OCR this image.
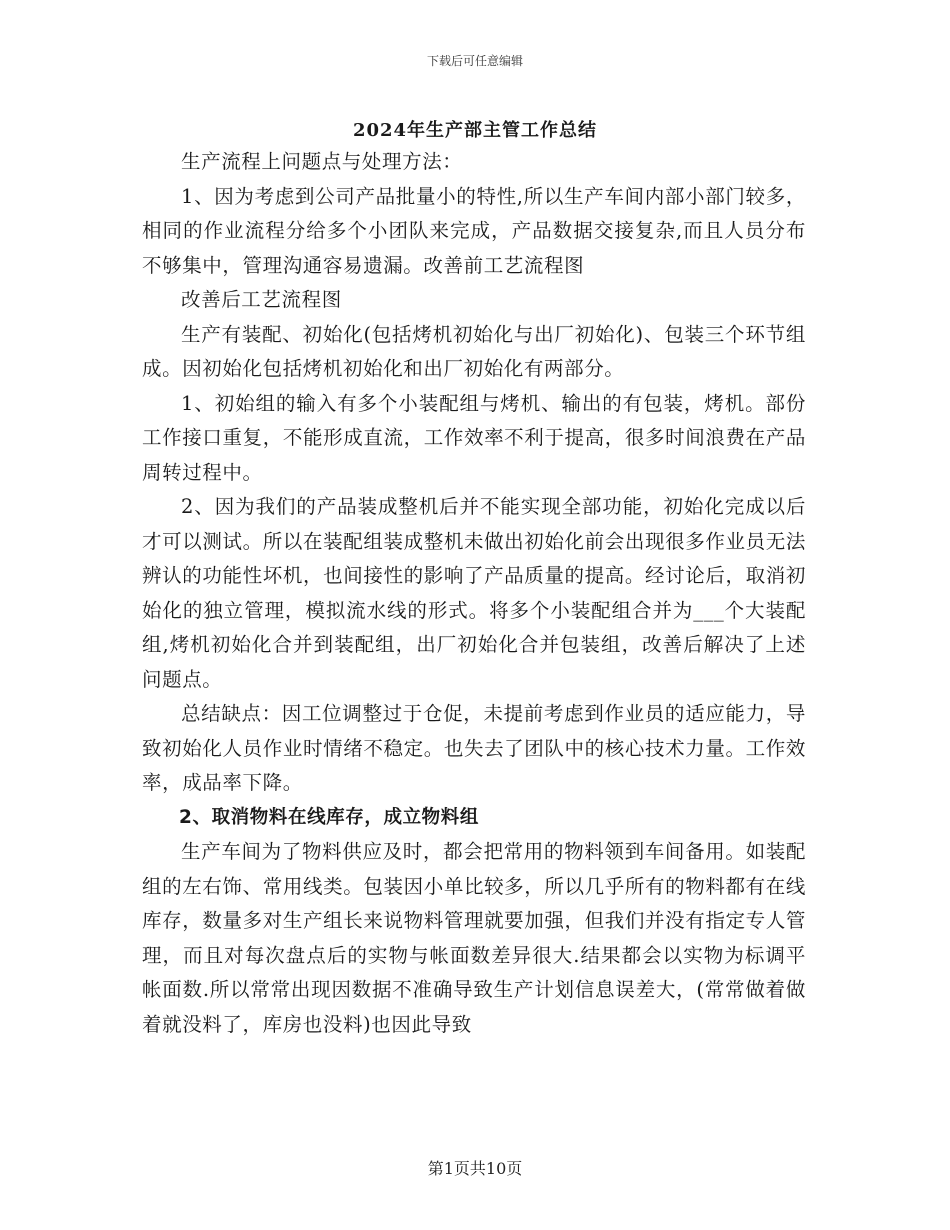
下载后可任意编辑
2024年生产部主管工作总结

生产流程上问题点与处理方法：

1、因为考虑到公司产品批量小的特性,所以生产车间内部小部门较多，相同的作业流程分给多个小团队来完成，产品数据交接复杂,而且人员分布不够集中，管理沟通容易遗漏。改善前工艺流程图

改善后工艺流程图

生产有装配、初始化(包括烤机初始化与出厂初始化)、包装三个环节组成。因初始化包括烤机初始化和出厂初始化有两部分。

1、初始组的输入有多个小装配组与烤机、输出的有包装，烤机。部份工作接口重复，不能形成直流，工作效率不利于提高，很多时间浪费在产品周转过程中。

2、因为我们的产品装成整机后并不能实现全部功能，初始化完成以后才可以测试。所以在装配组装成整机未做出初始化前会出现很多作业员无法辨认的功能性坏机，也间接性的影响了产品质量的提高。经讨论后，取消初始化的独立管理，模拟流水线的形式。将多个小装配组合并为___个大装配组,烤机初始化合并到装配组，出厂初始化合并包装组，改善后解决了上述问题点。

总结缺点：因工位调整过于仓促，未提前考虑到作业员的适应能力，导致初始化人员作业时情绪不稳定。也失去了团队中的核心技术力量。工作效率，成品率下降。

2、取消物料在线库存，成立物料组

生产车间为了物料供应及时，都会把常用的物料领到车间备用。如装配组的左右饰、常用线类。包装因小单比较多，所以几乎所有的物料都有在线库存，数量多对生产组长来说物料管理就要加强，但我们并没有指定专人管理，而且对每次盘点后的实物与帐面数差异很大.结果都会以实物为标调平帐面数.所以常常出现因数据不准确导致生产计划信息误差大，(常常做着做着就没料了，库房也没料)也因此导致

第1页共10页
